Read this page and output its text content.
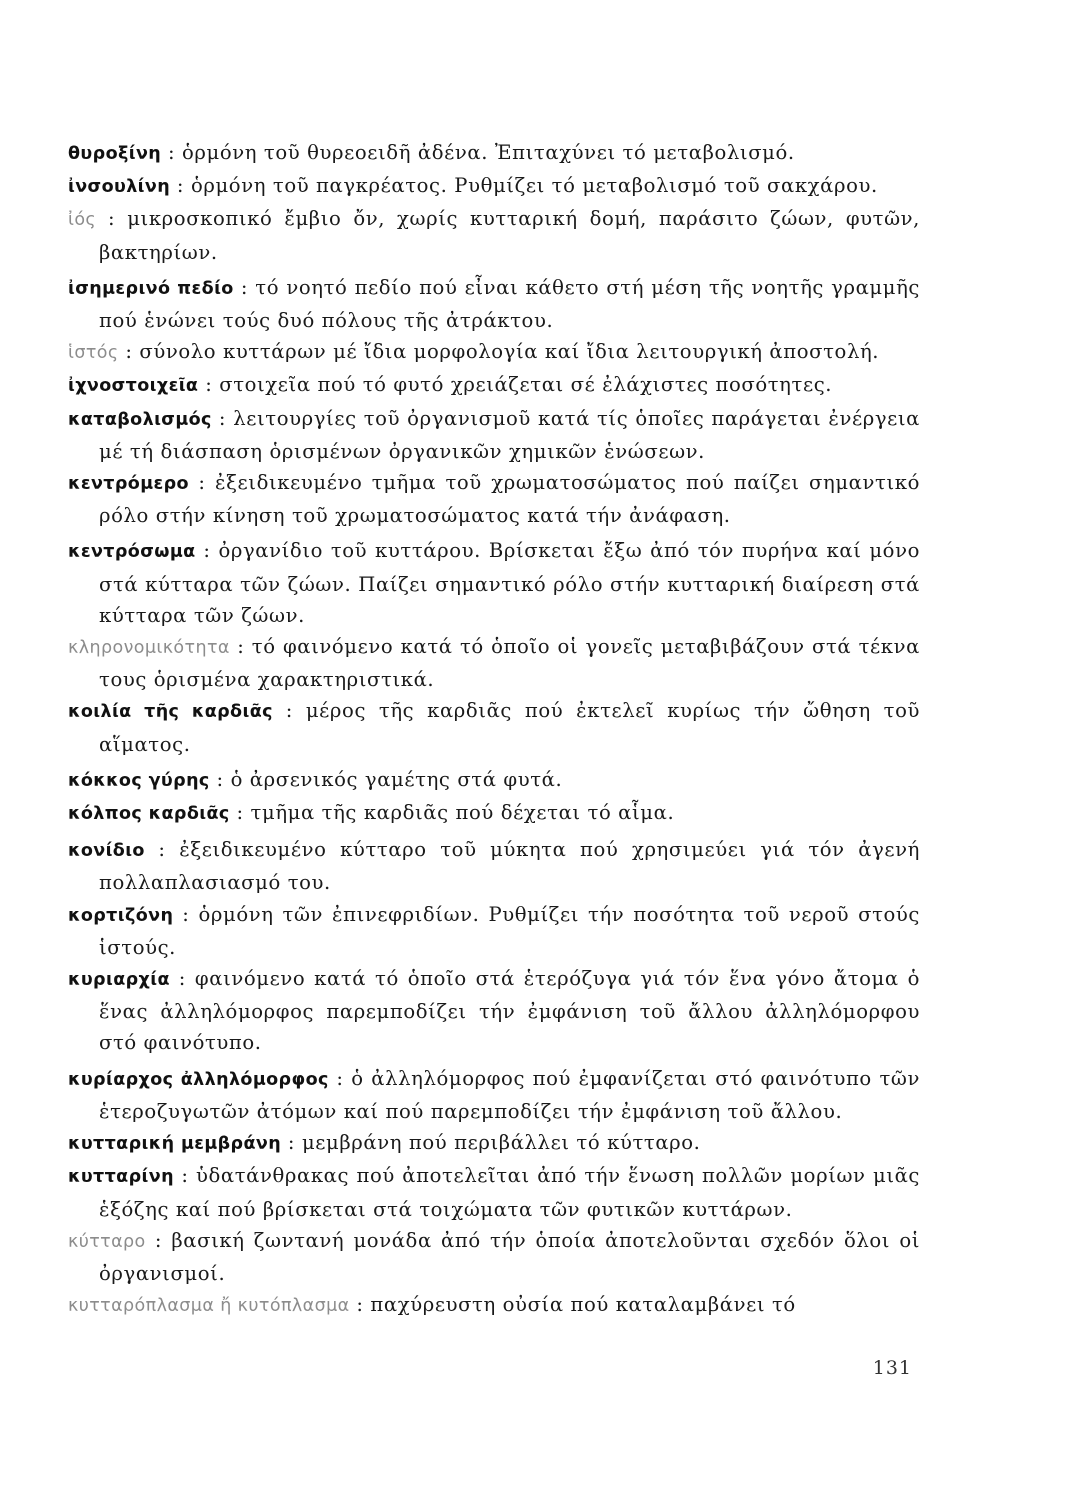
θυροξίνη : ὁρμόνη τοῦ θυρεοειδῆ ἀδένα. Ἐπιταχύνει τό μεταβολισμό.

ἰνσουλίνη : ὁρμόνη τοῦ παγκρέατος. Ρυθμίζει τό μεταβολισμό τοῦ σακχάρου.

ἰός : μικροσκοπικό ἔμβιο ὄν, χωρίς κυτταρική δομή, παράσιτο ζώων, φυτῶν, βακτηρίων.

ἰσημερινό πεδίο : τό νοητό πεδίο πού εἶναι κάθετο στή μέση τῆς νοητῆς γραμμῆς πού ἑνώνει τούς δυό πόλους τῆς ἀτράκτου.

ἱστός : σύνολο κυττάρων μέ ἴδια μορφολογία καί ἴδια λειτουργική ἀποστολή.

ἰχνοστοιχεῖα : στοιχεῖα πού τό φυτό χρειάζεται σέ ἐλάχιστες ποσότητες.

καταβολισμός : λειτουργίες τοῦ ὀργανισμοῦ κατά τίς ὁποῖες παράγεται ἐνέργεια μέ τή διάσπαση ὁρισμένων ὀργανικῶν χημικῶν ἑνώσεων.

κεντρόμερο : ἐξειδικευμένο τμῆμα τοῦ χρωματοσώματος πού παίζει σημαντικό ρόλο στήν κίνηση τοῦ χρωματοσώματος κατά τήν ἀνάφαση.

κεντρόσωμα : ὀργανίδιο τοῦ κυττάρου. Βρίσκεται ἔξω ἀπό τόν πυρήνα καί μόνο στά κύτταρα τῶν ζώων. Παίζει σημαντικό ρόλο στήν κυτταρική διαίρεση στά κύτταρα τῶν ζώων.

κληρονομικότητα : τό φαινόμενο κατά τό ὁποῖο οἱ γονεῖς μεταβιβάζουν στά τέκνα τους ὁρισμένα χαρακτηριστικά.

κοιλία τῆς καρδιᾶς : μέρος τῆς καρδιᾶς πού ἐκτελεῖ κυρίως τήν ὤθηση τοῦ αἵματος.

κόκκος γύρης : ὁ ἀρσενικός γαμέτης στά φυτά.

κόλπος καρδιᾶς : τμῆμα τῆς καρδιᾶς πού δέχεται τό αἷμα.

κονίδιο : ἐξειδικευμένο κύτταρο τοῦ μύκητα πού χρησιμεύει γιά τόν ἀγενή πολλαπλασιασμό του.

κορτιζόνη : ὁρμόνη τῶν ἐπινεφριδίων. Ρυθμίζει τήν ποσότητα τοῦ νεροῦ στούς ἱστούς.

κυριαρχία : φαινόμενο κατά τό ὁποῖο στά ἑτερόζυγα γιά τόν ἕνα γόνο ἄτομα ὁ ἕνας ἀλληλόμορφος παρεμποδίζει τήν ἐμφάνιση τοῦ ἄλλου ἀλληλόμορφου στό φαινότυπο.

κυρίαρχος ἀλληλόμορφος : ὁ ἀλληλόμορφος πού ἐμφανίζεται στό φαινότυπο τῶν ἑτεροζυγωτῶν ἀτόμων καί πού παρεμποδίζει τήν ἐμφάνιση τοῦ ἄλλου.

κυτταρική μεμβράνη : μεμβράνη πού περιβάλλει τό κύτταρο.

κυτταρίνη : ὑδατάνθρακας πού ἀποτελεῖται ἀπό τήν ἕνωση πολλῶν μορίων μιᾶς ἑξόζης καί πού βρίσκεται στά τοιχώματα τῶν φυτικῶν κυττάρων.

κύτταρο : βασική ζωντανή μονάδα ἀπό τήν ὁποία ἀποτελοῦνται σχεδόν ὅλοι οἱ ὀργανισμοί.

κυτταρόπλασμα ἤ κυτόπλασμα : παχύρευστη οὐσία πού καταλαμβάνει τό

131
